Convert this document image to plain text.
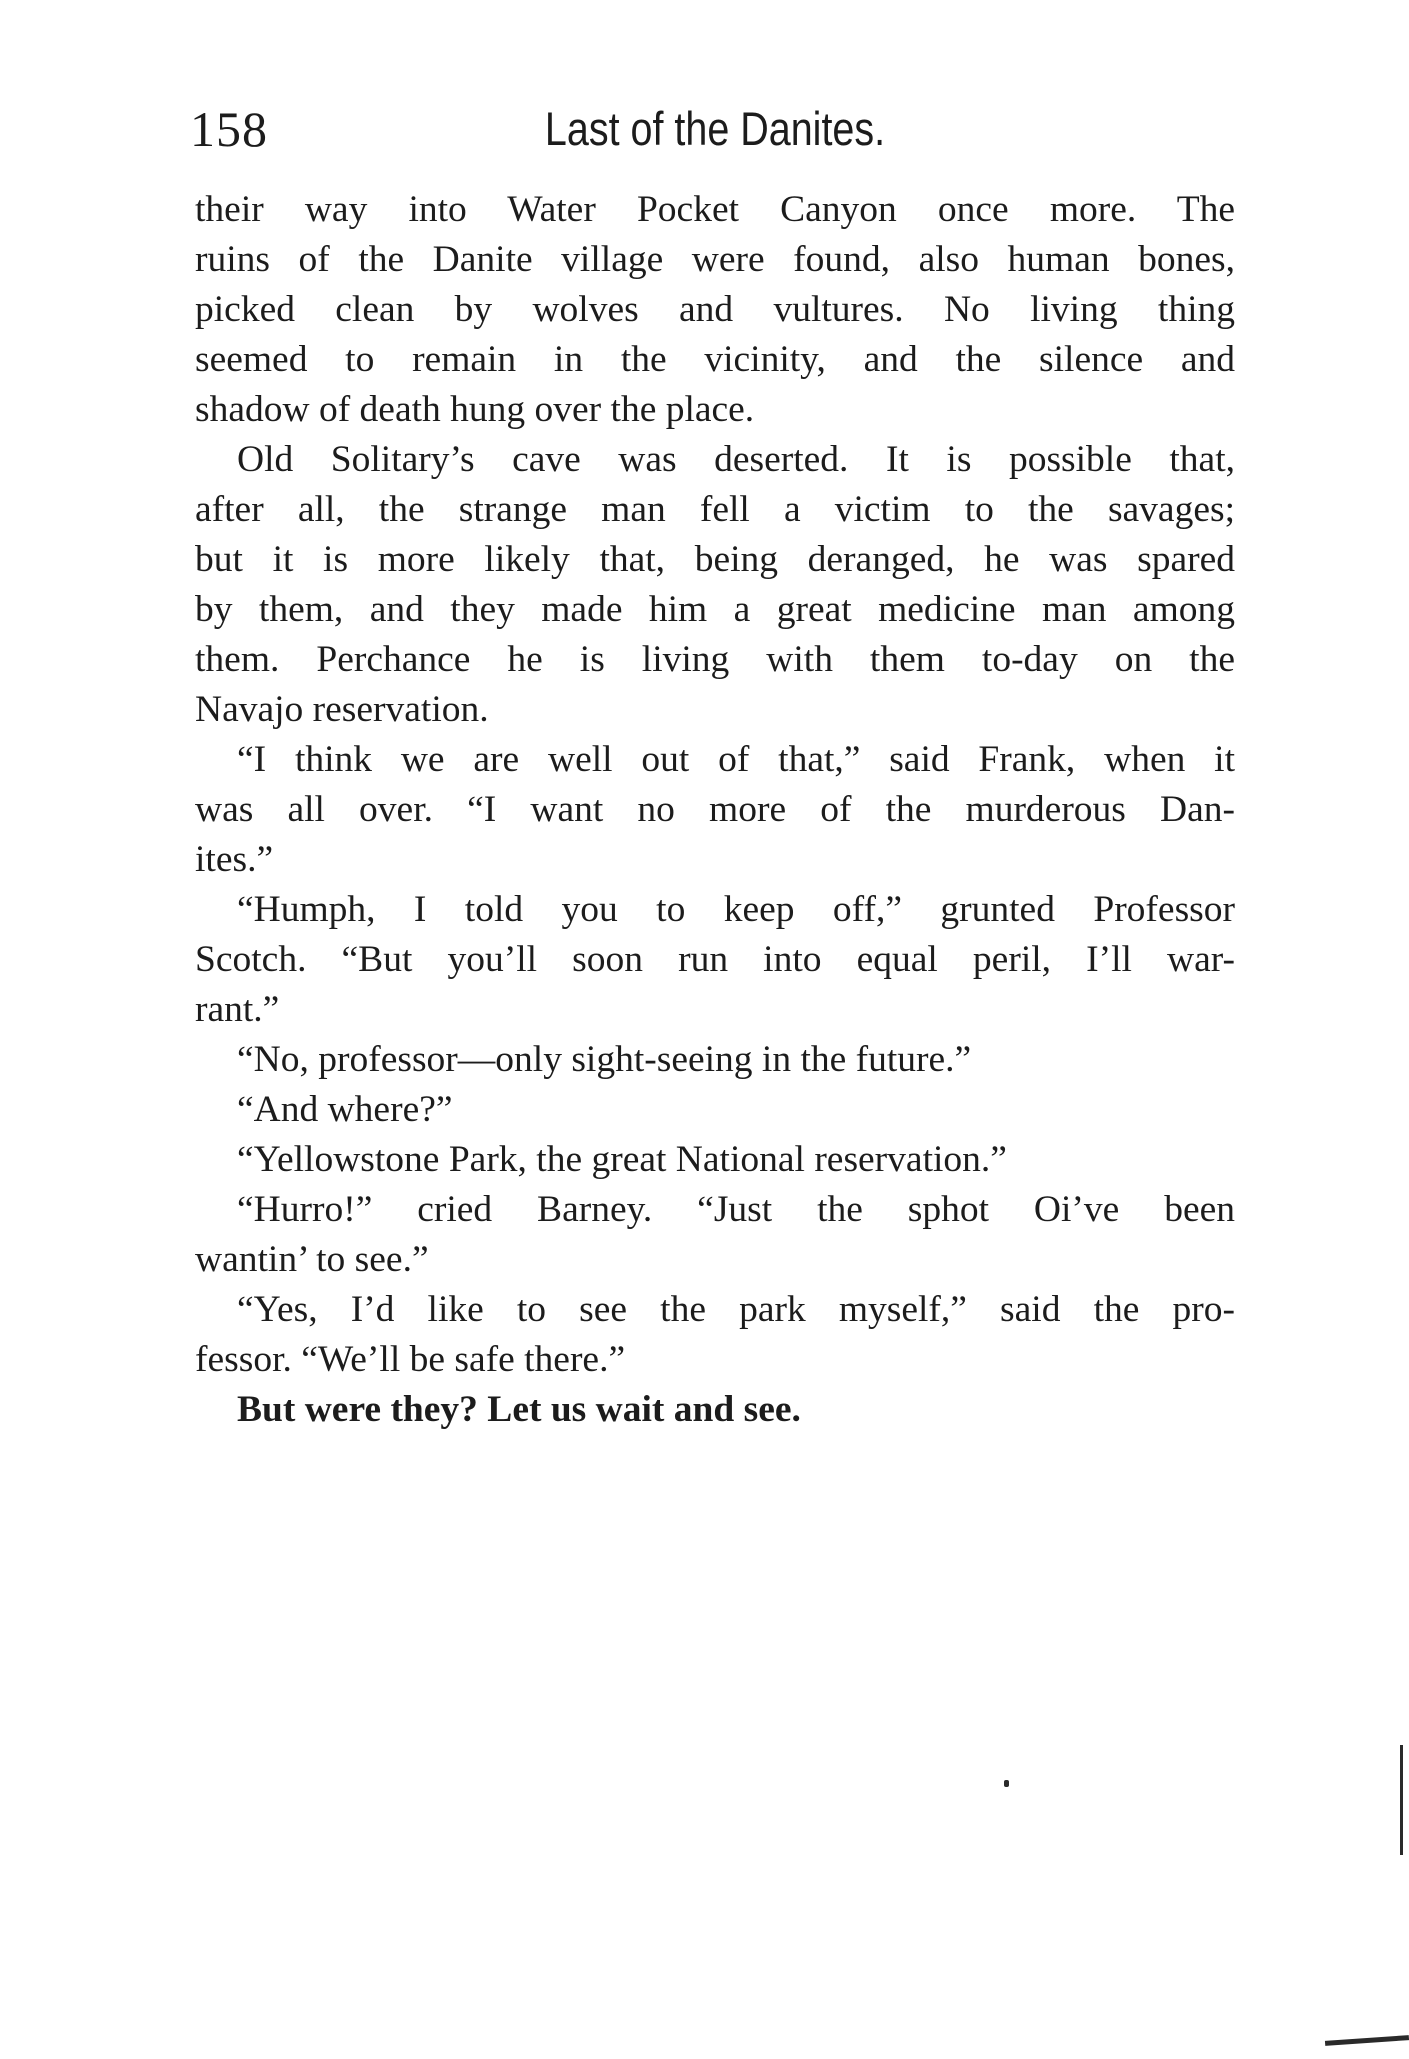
158	Last of the Danites.
their way into Water Pocket Canyon once more. The
ruins of the Danite village were found, also human bones,
picked clean by wolves and vultures. No living thing
seemed to remain in the vicinity, and the silence and
shadow of death hung over the place.
Old Solitary’s cave was deserted. It is possible that,
after all, the strange man fell a victim to the savages;
but it is more likely that, being deranged, he was spared
by them, and they made him a great medicine man among
them. Perchance he is living with them to-day on the
Navajo reservation.
“I think we are well out of that,” said Frank, when it
was all over. “I want no more of the murderous Dan-
ites.”
“Humph, I told you to keep off,” grunted Professor
Scotch. “But you’ll soon run into equal peril, I’ll war-
rant.”
“No, professor—only sight-seeing in the future.”
“And where?”
“Yellowstone Park, the great National reservation.”
“Hurro!” cried Barney. “Just the sphot Oi’ve been
wantin’ to see.”
“Yes, I’d like to see the park myself,” said the pro-
fessor. “We’ll be safe there.”
But were they? Let us wait and see.
